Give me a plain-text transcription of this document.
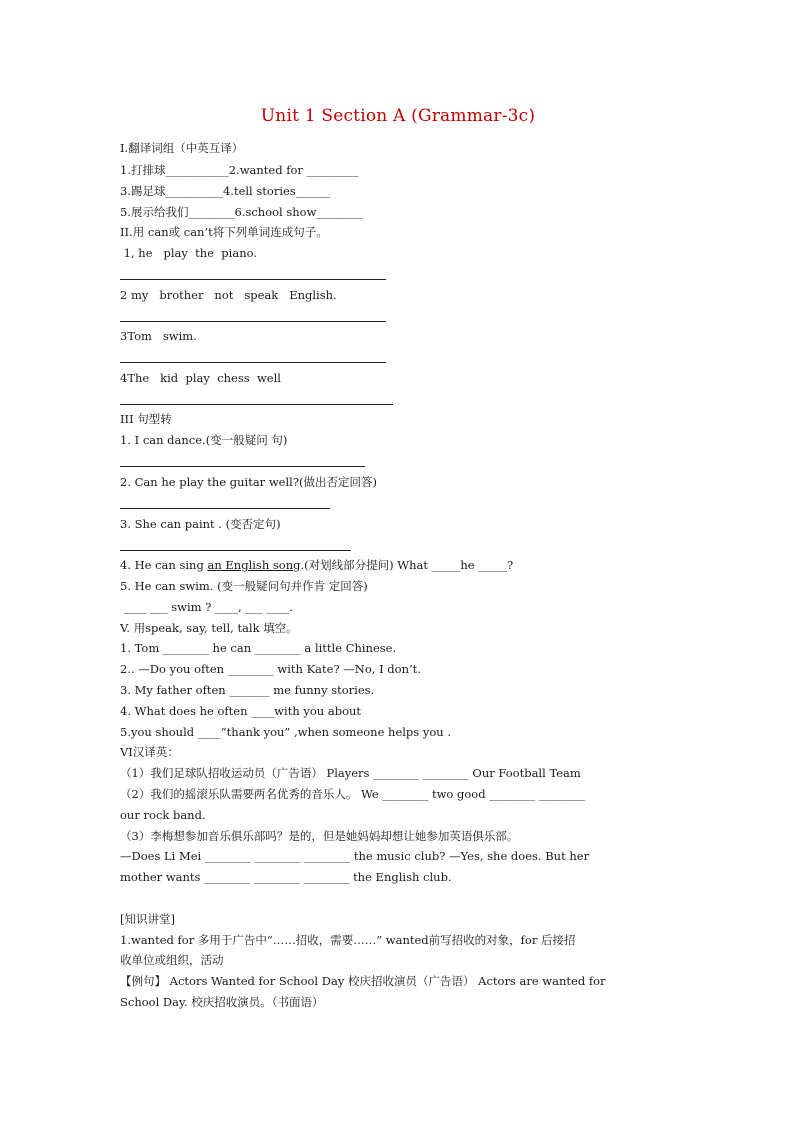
Unit 1 Section A (Grammar-3c)
I.翻译词组（中英互译）
1.打排球___________2.wanted for _________
3.踢足球__________4.tell stories______
5.展示给我们________6.school show________
II.用 can或 can’t将下列单词连成句子。
1, he   play  the  piano.
2 my   brother   not   speak   English.
3Tom   swim.
4The   kid  play  chess  well
III 句型转
1. I can dance.(变一般疑问 句)
2. Can he play the guitar well?(做出否定回答)
3. She can paint . (变否定句)
4. He can sing an English song.(对划线部分提问) What _____he _____?
5. He can swim. (变一般疑问句并作肯 定回答)
____ ___ swim ? ____, ___ ____.
V. 用speak, say, tell, talk 填空。
1. Tom ________ he can ________ a little Chinese.
2.. —Do you often ________ with Kate? —No, I don’t.
3. My father often _______ me funny stories.
4. What does he often ____with you about
5.you should ____“thank you” ,when someone helps you .
VI汉译英：
（1）我们足球队招收运动员（广告语） Players ________ ________ Our Football Team
（2）我们的摇滚乐队需要两名优秀的音乐人。 We ________ two good ________ ________
our rock band.
（3）李梅想参加音乐俱乐部吗？是的，但是她妈妈却想让她参加英语俱乐部。
—Does Li Mei ________ ________ ________ the music club? —Yes, she does. But her
mother wants ________ ________ ________ the English club.
[知识讲堂]
1.wanted for 多用于广告中“……招收，需要……” wanted前写招收的对象，for 后接招
收单位或组织，活动
【例句】 Actors Wanted for School Day 校庆招收演员（广告语） Actors are wanted for
School Day. 校庆招收演员。（书面语）
